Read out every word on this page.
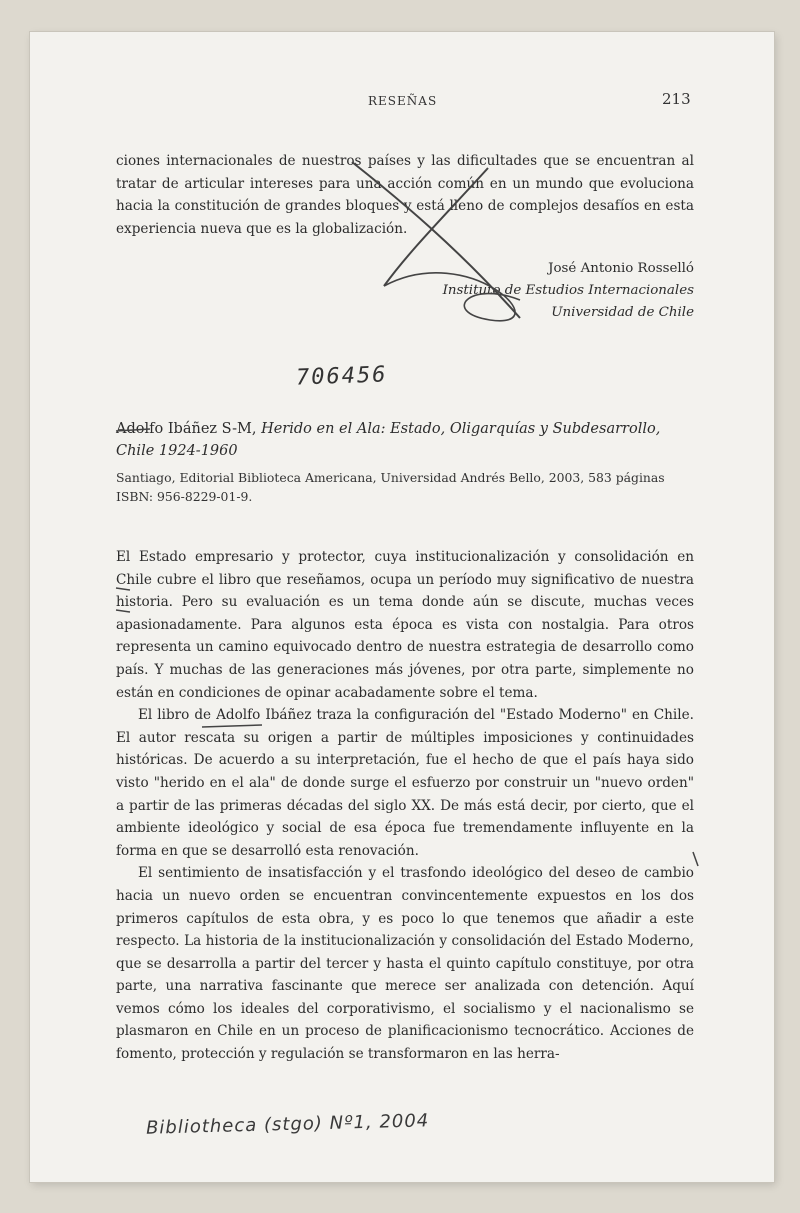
RESEÑAS	213

ciones internacionales de nuestros países y las dificultades que se encuentran al tratar de articular intereses para una acción común en un mundo que evoluciona hacia la constitución de grandes bloques y está lleno de complejos desafíos en esta experiencia nueva que es la globalización.

José Antonio Rosselló
Instituto de Estudios Internacionales
Universidad de Chile
706456

Adolfo Ibáñez S-M, Herido en el Ala: Estado, Oligarquías y Subdesarrollo, Chile 1924-1960

Santiago, Editorial Biblioteca Americana, Universidad Andrés Bello, 2003, 583 páginas
ISBN: 956-8229-01-9.

El Estado empresario y protector, cuya institucionalización y consolidación en Chile cubre el libro que reseñamos, ocupa un período muy significativo de nuestra historia. Pero su evaluación es un tema donde aún se discute, muchas veces apasionadamente. Para algunos esta época es vista con nostalgia. Para otros representa un camino equivocado dentro de nuestra estrategia de desarrollo como país. Y muchas de las generaciones más jóvenes, por otra parte, simplemente no están en condiciones de opinar acabadamente sobre el tema.

El libro de Adolfo Ibáñez traza la configuración del "Estado Moderno" en Chile. El autor rescata su origen a partir de múltiples imposiciones y continuidades históricas. De acuerdo a su interpretación, fue el hecho de que el país haya sido visto "herido en el ala" de donde surge el esfuerzo por construir un "nuevo orden" a partir de las primeras décadas del siglo XX. De más está decir, por cierto, que el ambiente ideológico y social de esa época fue tremendamente influyente en la forma en que se desarrolló esta renovación.

El sentimiento de insatisfacción y el trasfondo ideológico del deseo de cambio hacia un nuevo orden se encuentran convincentemente expuestos en los dos primeros capítulos de esta obra, y es poco lo que tenemos que añadir a este respecto. La historia de la institucionalización y consolidación del Estado Moderno, que se desarrolla a partir del tercer y hasta el quinto capítulo constituye, por otra parte, una narrativa fascinante que merece ser analizada con detención. Aquí vemos cómo los ideales del corporativismo, el socialismo y el nacionalismo se plasmaron en Chile en un proceso de planificacionismo tecnocrático. Acciones de fomento, protección y regulación se transformaron en las herra-

Bibliotheca (stgo) Nº1, 2004
